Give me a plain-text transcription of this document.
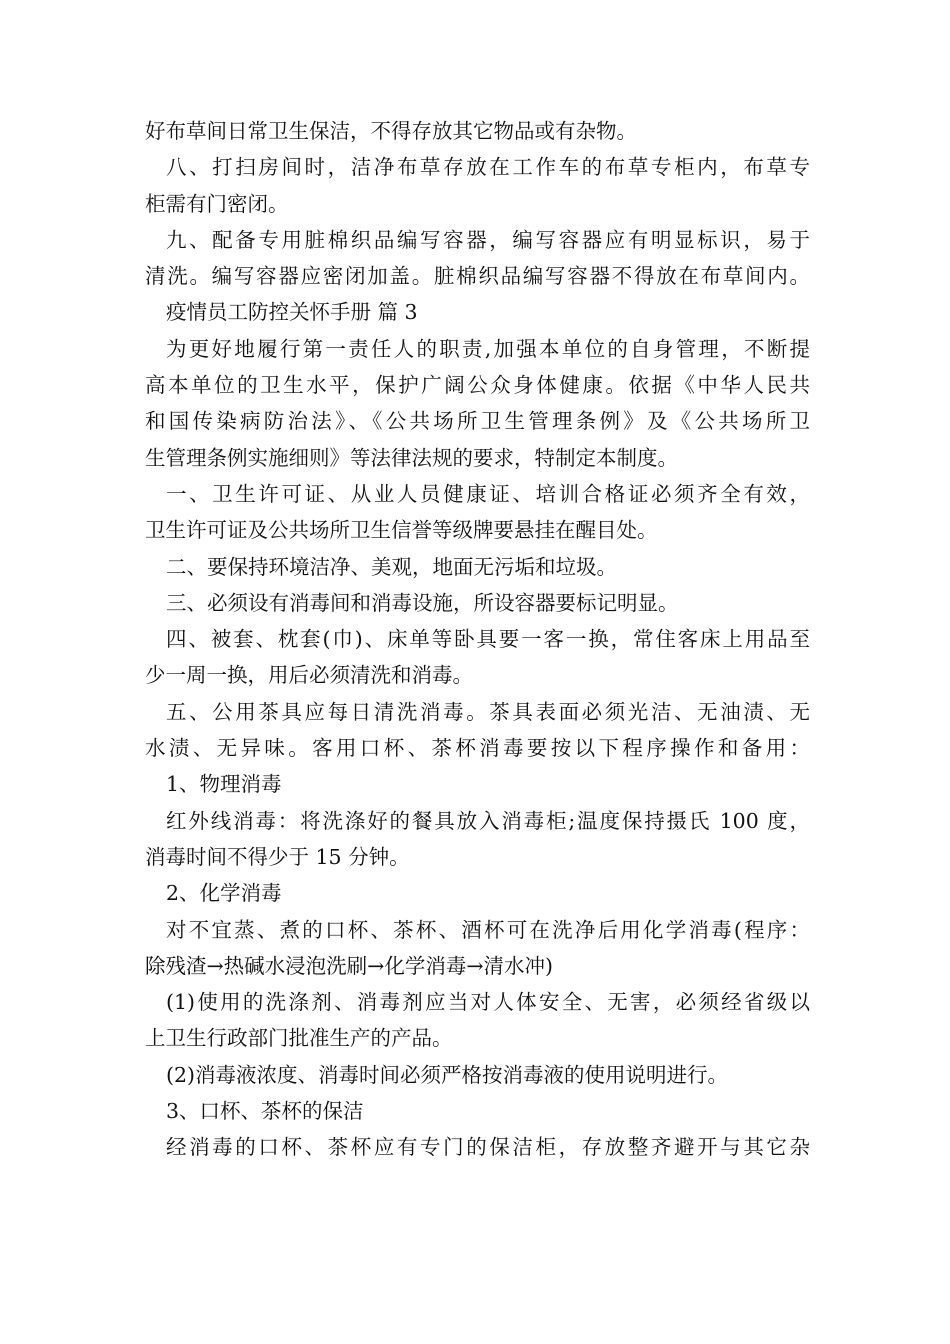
好布草间日常卫生保洁，不得存放其它物品或有杂物。
八、打扫房间时，洁净布草存放在工作车的布草专柜内，布草专
柜需有门密闭。
九、配备专用脏棉织品编写容器，编写容器应有明显标识，易于
清洗。编写容器应密闭加盖。脏棉织品编写容器不得放在布草间内。
疫情员工防控关怀手册 篇 3
为更好地履行第一责任人的职责,加强本单位的自身管理，不断提
高本单位的卫生水平，保护广阔公众身体健康。依据《中华人民共
和国传染病防治法》、《公共场所卫生管理条例》及《公共场所卫
生管理条例实施细则》等法律法规的要求，特制定本制度。
一、卫生许可证、从业人员健康证、培训合格证必须齐全有效，
卫生许可证及公共场所卫生信誉等级牌要悬挂在醒目处。
二、要保持环境洁净、美观，地面无污垢和垃圾。
三、必须设有消毒间和消毒设施，所设容器要标记明显。
四、被套、枕套(巾)、床单等卧具要一客一换，常住客床上用品至
少一周一换，用后必须清洗和消毒。
五、公用茶具应每日清洗消毒。茶具表面必须光洁、无油渍、无
水渍、无异味。客用口杯、茶杯消毒要按以下程序操作和备用：
1、物理消毒
红外线消毒：将洗涤好的餐具放入消毒柜;温度保持摄氏 100 度，
消毒时间不得少于 15 分钟。
2、化学消毒
对不宜蒸、煮的口杯、茶杯、酒杯可在洗净后用化学消毒(程序：
除残渣→热碱水浸泡洗刷→化学消毒→清水冲)
(1)使用的洗涤剂、消毒剂应当对人体安全、无害，必须经省级以
上卫生行政部门批准生产的产品。
(2)消毒液浓度、消毒时间必须严格按消毒液的使用说明进行。
3、口杯、茶杯的保洁
经消毒的口杯、茶杯应有专门的保洁柜，存放整齐避开与其它杂
